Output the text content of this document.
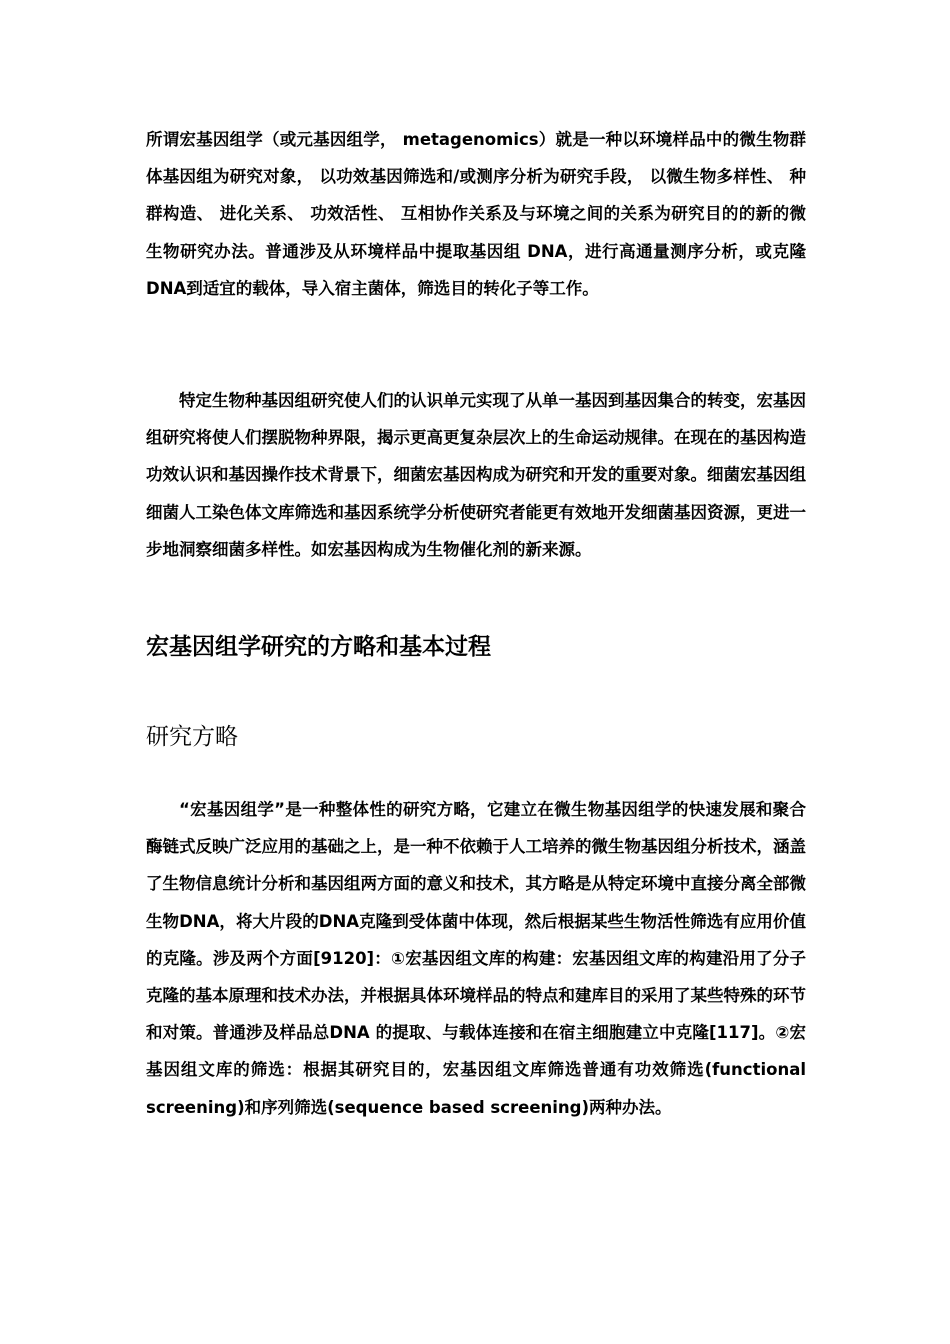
所谓宏基因组学（或元基因组学， metagenomics）就是一种以环境样品中的微生物群体基因组为研究对象， 以功效基因筛选和/或测序分析为研究手段， 以微生物多样性、 种群构造、 进化关系、 功效活性、 互相协作关系及与环境之间的关系为研究目的的新的微生物研究办法。普通涉及从环境样品中提取基因组 DNA，进行高通量测序分析，或克隆DNA到适宜的载体，导入宿主菌体，筛选目的转化子等工作。

特定生物种基因组研究使人们的认识单元实现了从单一基因到基因集合的转变，宏基因组研究将使人们摆脱物种界限，揭示更高更复杂层次上的生命运动规律。在现在的基因构造功效认识和基因操作技术背景下，细菌宏基因构成为研究和开发的重要对象。细菌宏基因组细菌人工染色体文库筛选和基因系统学分析使研究者能更有效地开发细菌基因资源，更进一步地洞察细菌多样性。如宏基因构成为生物催化剂的新来源。

宏基因组学研究的方略和基本过程
研究方略

“宏基因组学”是一种整体性的研究方略，它建立在微生物基因组学的快速发展和聚合酶链式反映广泛应用的基础之上，是一种不依赖于人工培养的微生物基因组分析技术，涵盖了生物信息统计分析和基因组两方面的意义和技术，其方略是从特定环境中直接分离全部微生物DNA，将大片段的DNA克隆到受体菌中体现，然后根据某些生物活性筛选有应用价值的克隆。涉及两个方面[9120]：①宏基因组文库的构建：宏基因组文库的构建沿用了分子克隆的基本原理和技术办法，并根据具体环境样品的特点和建库目的采用了某些特殊的环节和对策。普通涉及样品总DNA 的提取、与载体连接和在宿主细胞建立中克隆[117]。②宏基因组文库的筛选：根据其研究目的，宏基因组文库筛选普通有功效筛选(functional screening)和序列筛选(sequence based screening)两种办法。
